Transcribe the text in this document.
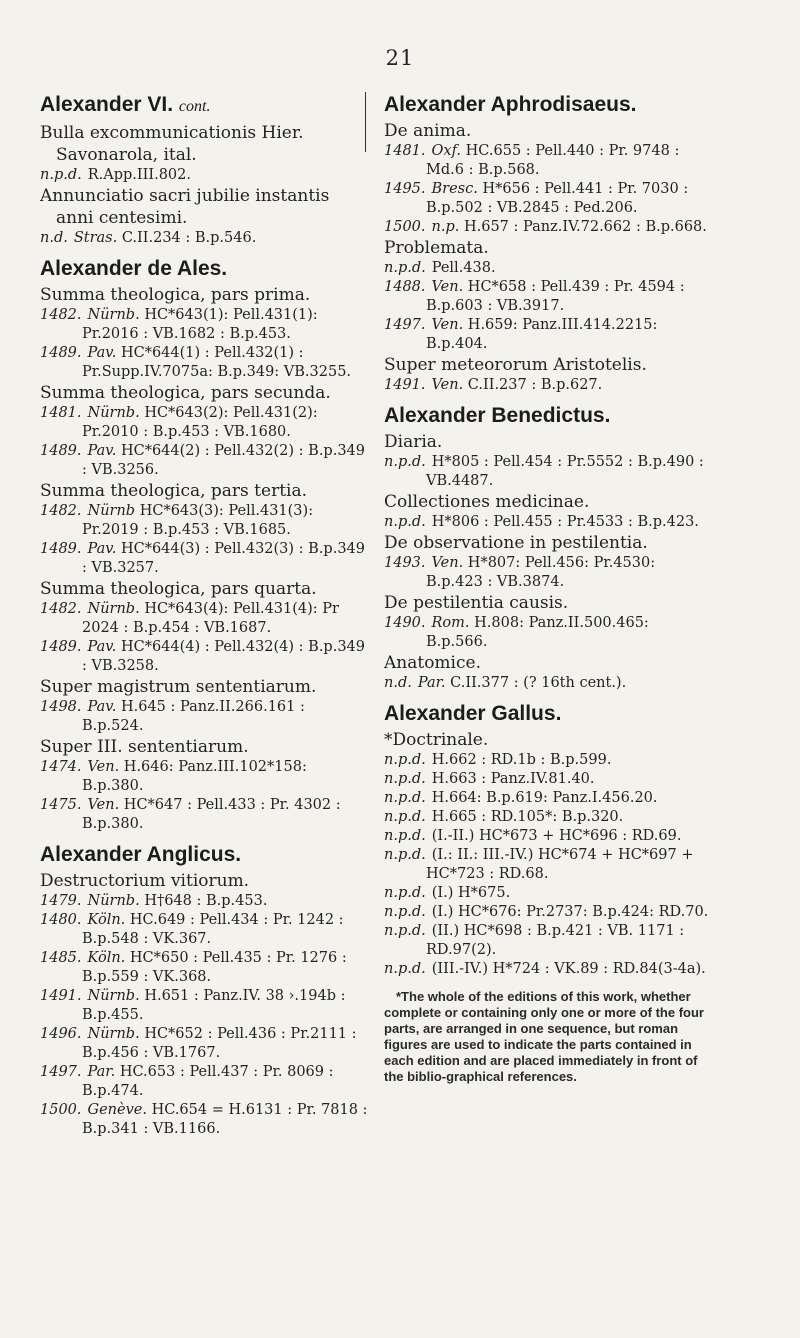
21
Alexander VI. cont.

Bulla excommunicationis Hier. Savonarola, ital.

n.p.d. R.App.III.802.

Annunciatio sacri jubilie instantis anni centesimi.

n.d. Stras. C.II.234 : B.p.546.

Alexander de Ales.

Summa theologica, pars prima.

1482. Nürnb. HC*643(1): Pell.431(1): Pr.2016 : VB.1682 : B.p.453.

1489. Pav. HC*644(1) : Pell.432(1) : Pr.Supp.IV.7075a: B.p.349: VB.3255.

Summa theologica, pars secunda.

1481. Nürnb. HC*643(2): Pell.431(2): Pr.2010 : B.p.453 : VB.1680.

1489. Pav. HC*644(2) : Pell.432(2) : B.p.349 : VB.3256.

Summa theologica, pars tertia.

1482. Nürnb HC*643(3): Pell.431(3): Pr.2019 : B.p.453 : VB.1685.

1489. Pav. HC*644(3) : Pell.432(3) : B.p.349 : VB.3257.

Summa theologica, pars quarta.

1482. Nürnb. HC*643(4): Pell.431(4): Pr 2024 : B.p.454 : VB.1687.

1489. Pav. HC*644(4) : Pell.432(4) : B.p.349 : VB.3258.

Super magistrum sententiarum.

1498. Pav. H.645 : Panz.II.266.161 : B.p.524.

Super III. sententiarum.

1474. Ven. H.646: Panz.III.102*158: B.p.380.

1475. Ven. HC*647 : Pell.433 : Pr. 4302 : B.p.380.

Alexander Anglicus.

Destructorium vitiorum.

1479. Nürnb. H†648 : B.p.453.

1480. Köln. HC.649 : Pell.434 : Pr. 1242 : B.p.548 : VK.367.

1485. Köln. HC*650 : Pell.435 : Pr. 1276 : B.p.559 : VK.368.

1491. Nürnb. H.651 : Panz.IV. 38 ›.194b : B.p.455.

1496. Nürnb. HC*652 : Pell.436 : Pr.2111 : B.p.456 : VB.1767.

1497. Par. HC.653 : Pell.437 : Pr. 8069 : B.p.474.

1500. Genève. HC.654 = H.6131 : Pr. 7818 : B.p.341 : VB.1166.

Alexander Aphrodisaeus.

De anima.

1481. Oxf. HC.655 : Pell.440 : Pr. 9748 : Md.6 : B.p.568.

1495. Bresc. H*656 : Pell.441 : Pr. 7030 : B.p.502 : VB.2845 : Ped.206.

1500. n.p. H.657 : Panz.IV.72.662 : B.p.668.

Problemata.

n.p.d. Pell.438.

1488. Ven. HC*658 : Pell.439 : Pr. 4594 : B.p.603 : VB.3917.

1497. Ven. H.659: Panz.III.414.2215: B.p.404.

Super meteororum Aristotelis.

1491. Ven. C.II.237 : B.p.627.

Alexander Benedictus.

Diaria.

n.p.d. H*805 : Pell.454 : Pr.5552 : B.p.490 : VB.4487.

Collectiones medicinae.

n.p.d. H*806 : Pell.455 : Pr.4533 : B.p.423.

De observatione in pestilentia.

1493. Ven. H*807: Pell.456: Pr.4530: B.p.423 : VB.3874.

De pestilentia causis.

1490. Rom. H.808: Panz.II.500.465: B.p.566.

Anatomice.

n.d. Par. C.II.377 : (? 16th cent.).

Alexander Gallus.

*Doctrinale.

n.p.d. H.662 : RD.1b : B.p.599.

n.p.d. H.663 : Panz.IV.81.40.

n.p.d. H.664: B.p.619: Panz.I.456.20.

n.p.d. H.665 : RD.105*: B.p.320.

n.p.d. (I.-II.) HC*673 + HC*696 : RD.69.

n.p.d. (I.: II.: III.-IV.) HC*674 + HC*697 + HC*723 : RD.68.

n.p.d. (I.) H*675.

n.p.d. (I.) HC*676: Pr.2737: B.p.424: RD.70.

n.p.d. (II.) HC*698 : B.p.421 : VB. 1171 : RD.97(2).

n.p.d. (III.-IV.) H*724 : VK.89 : RD.84(3-4a).

*The whole of the editions of this work, whether complete or containing only one or more of the four parts, are arranged in one sequence, but roman figures are used to indicate the parts contained in each edition and are placed immediately in front of the biblio-graphical references.
